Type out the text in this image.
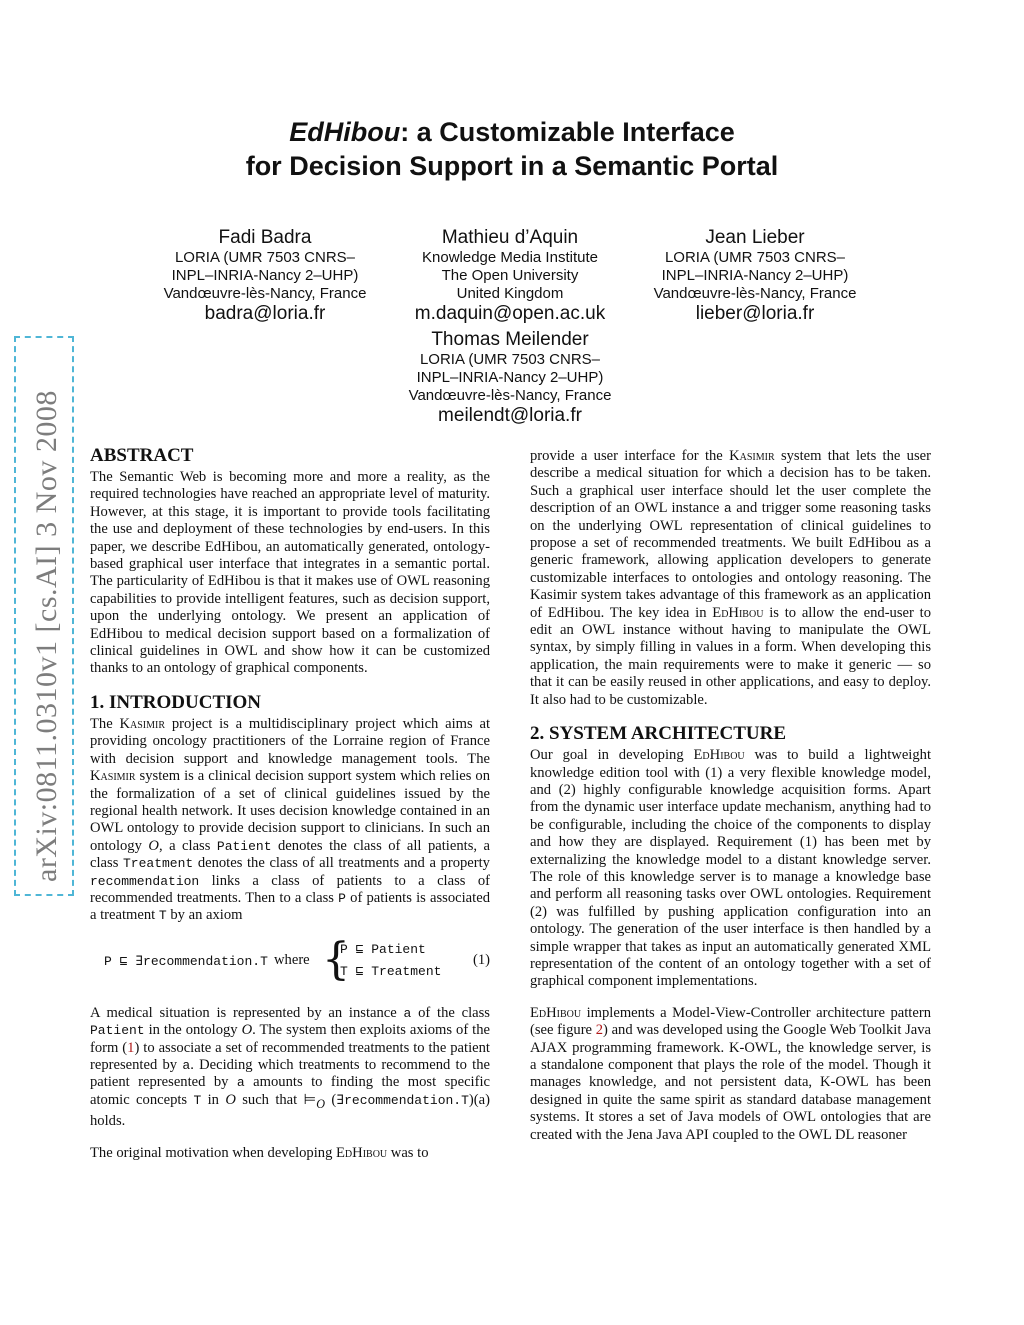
arXiv:0811.0310v1 [cs.AI] 3 Nov 2008
EdHibou: a Customizable Interface
for Decision Support in a Semantic Portal
Fadi Badra
LORIA (UMR 7503 CNRS–
INPL–INRIA-Nancy 2–UHP)
Vandœuvre-lès-Nancy, France
badra@loria.fr
Mathieu d’Aquin
Knowledge Media Institute
The Open University
United Kingdom
m.daquin@open.ac.uk
Jean Lieber
LORIA (UMR 7503 CNRS–
INPL–INRIA-Nancy 2–UHP)
Vandœuvre-lès-Nancy, France
lieber@loria.fr
Thomas Meilender
LORIA (UMR 7503 CNRS–
INPL–INRIA-Nancy 2–UHP)
Vandœuvre-lès-Nancy, France
meilendt@loria.fr
ABSTRACT

The Semantic Web is becoming more and more a reality, as the required technologies have reached an appropriate level of maturity. However, at this stage, it is important to provide tools facilitating the use and deployment of these technologies by end-users. In this paper, we describe EdHibou, an automatically generated, ontology-based graphical user interface that integrates in a semantic portal. The particularity of EdHibou is that it makes use of OWL reasoning capabilities to provide intelligent features, such as decision support, upon the underlying ontology. We present an application of EdHibou to medical decision support based on a formalization of clinical guidelines in OWL and show how it can be customized thanks to an ontology of graphical components.

1. INTRODUCTION

The Kasimir project is a multidisciplinary project which aims at providing oncology practitioners of the Lorraine region of France with decision support and knowledge management tools. The Kasimir system is a clinical decision support system which relies on the formalization of a set of clinical guidelines issued by the regional health network. It uses decision knowledge contained in an OWL ontology to provide decision support to clinicians. In such an ontology O, a class Patient denotes the class of all patients, a class Treatment denotes the class of all treatments and a property recommendation links a class of patients to a class of recommended treatments. Then to a class P of patients is associated a treatment T by an axiom

P ⊑ ∃recommendation.T where {
P ⊑ Patient
T ⊑ Treatment
(1)

A medical situation is represented by an instance a of the class Patient in the ontology O. The system then exploits axioms of the form (1) to associate a set of recommended treatments to the patient represented by a. Deciding which treatments to recommend to the patient represented by a amounts to finding the most specific atomic concepts T in O such that $⊨_O$ (∃recommendation.T)(a) holds.

The original motivation when developing EdHibou was to

provide a user interface for the Kasimir system that lets the user describe a medical situation for which a decision has to be taken. Such a graphical user interface should let the user complete the description of an OWL instance a and trigger some reasoning tasks on the underlying OWL representation of clinical guidelines to propose a set of recommended treatments. We built EdHibou as a generic framework, allowing application developers to generate customizable interfaces to ontologies and ontology reasoning. The Kasimir system takes advantage of this framework as an application of EdHibou. The key idea in EdHibou is to allow the end-user to edit an OWL instance without having to manipulate the OWL syntax, by simply filling in values in a form. When developing this application, the main requirements were to make it generic — so that it can be easily reused in other applications, and easy to deploy. It also had to be customizable.

2. SYSTEM ARCHITECTURE

Our goal in developing EdHibou was to build a lightweight knowledge edition tool with (1) a very flexible knowledge model, and (2) highly configurable knowledge acquisition forms. Apart from the dynamic user interface update mechanism, anything had to be configurable, including the choice of the components to display and how they are displayed. Requirement (1) has been met by externalizing the knowledge model to a distant knowledge server. The role of this knowledge server is to manage a knowledge base and perform all reasoning tasks over OWL ontologies. Requirement (2) was fulfilled by pushing application configuration into an ontology. The generation of the user interface is then handled by a simple wrapper that takes as input an automatically generated XML representation of the content of an ontology together with a set of graphical component implementations.

EdHibou implements a Model-View-Controller architecture pattern (see figure 2) and was developed using the Google Web Toolkit Java AJAX programming framework. K-OWL, the knowledge server, is a standalone component that plays the role of the model. Though it manages knowledge, and not persistent data, K-OWL has been designed in quite the same spirit as standard database management systems. It stores a set of Java models of OWL ontologies that are created with the Jena Java API coupled to the OWL DL reasoner
